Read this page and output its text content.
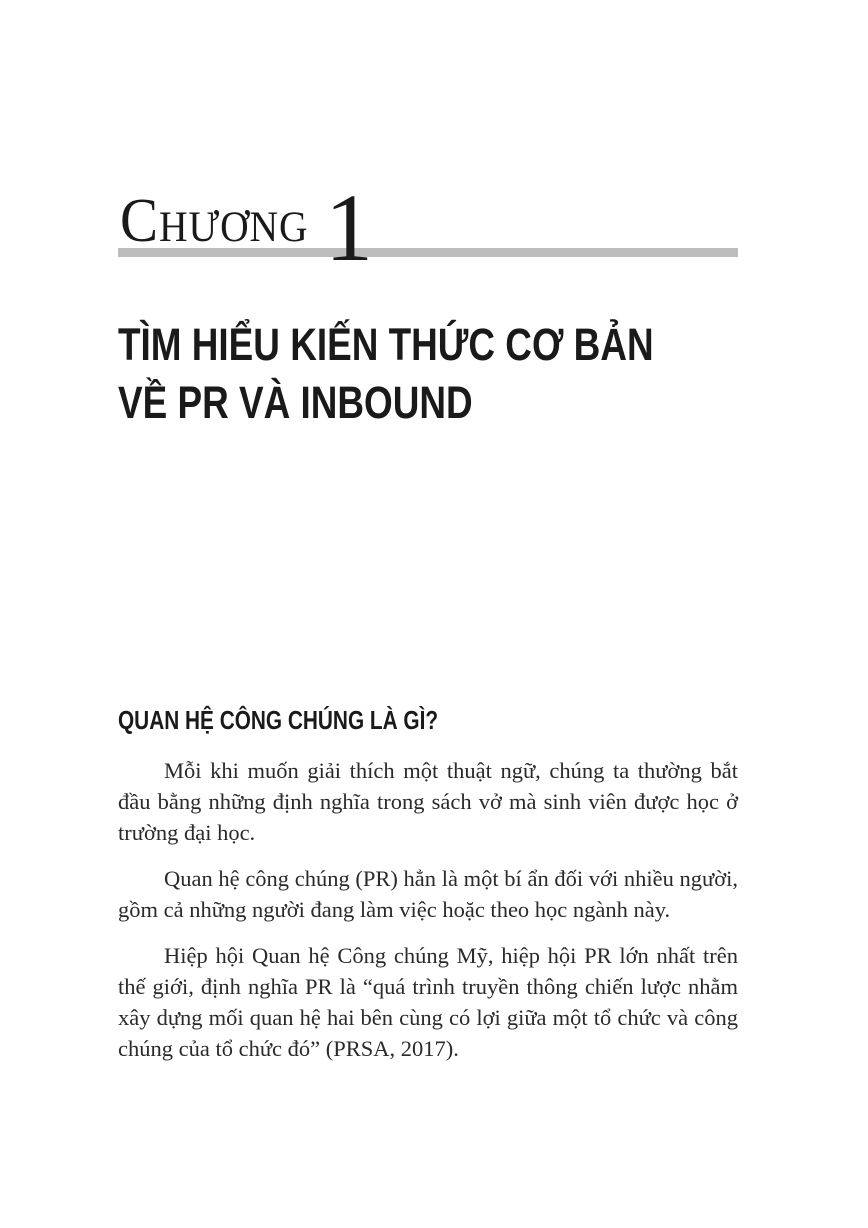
Chương 1
TÌM HIỂU KIẾN THỨC CƠ BẢN
VỀ PR VÀ INBOUND
QUAN HỆ CÔNG CHÚNG LÀ GÌ?

Mỗi khi muốn giải thích một thuật ngữ, chúng ta thường bắt đầu bằng những định nghĩa trong sách vở mà sinh viên được học ở trường đại học.

Quan hệ công chúng (PR) hẳn là một bí ẩn đối với nhiều người, gồm cả những người đang làm việc hoặc theo học ngành này.

Hiệp hội Quan hệ Công chúng Mỹ, hiệp hội PR lớn nhất trên thế giới, định nghĩa PR là “quá trình truyền thông chiến lược nhằm xây dựng mối quan hệ hai bên cùng có lợi giữa một tổ chức và công chúng của tổ chức đó” (PRSA, 2017).
